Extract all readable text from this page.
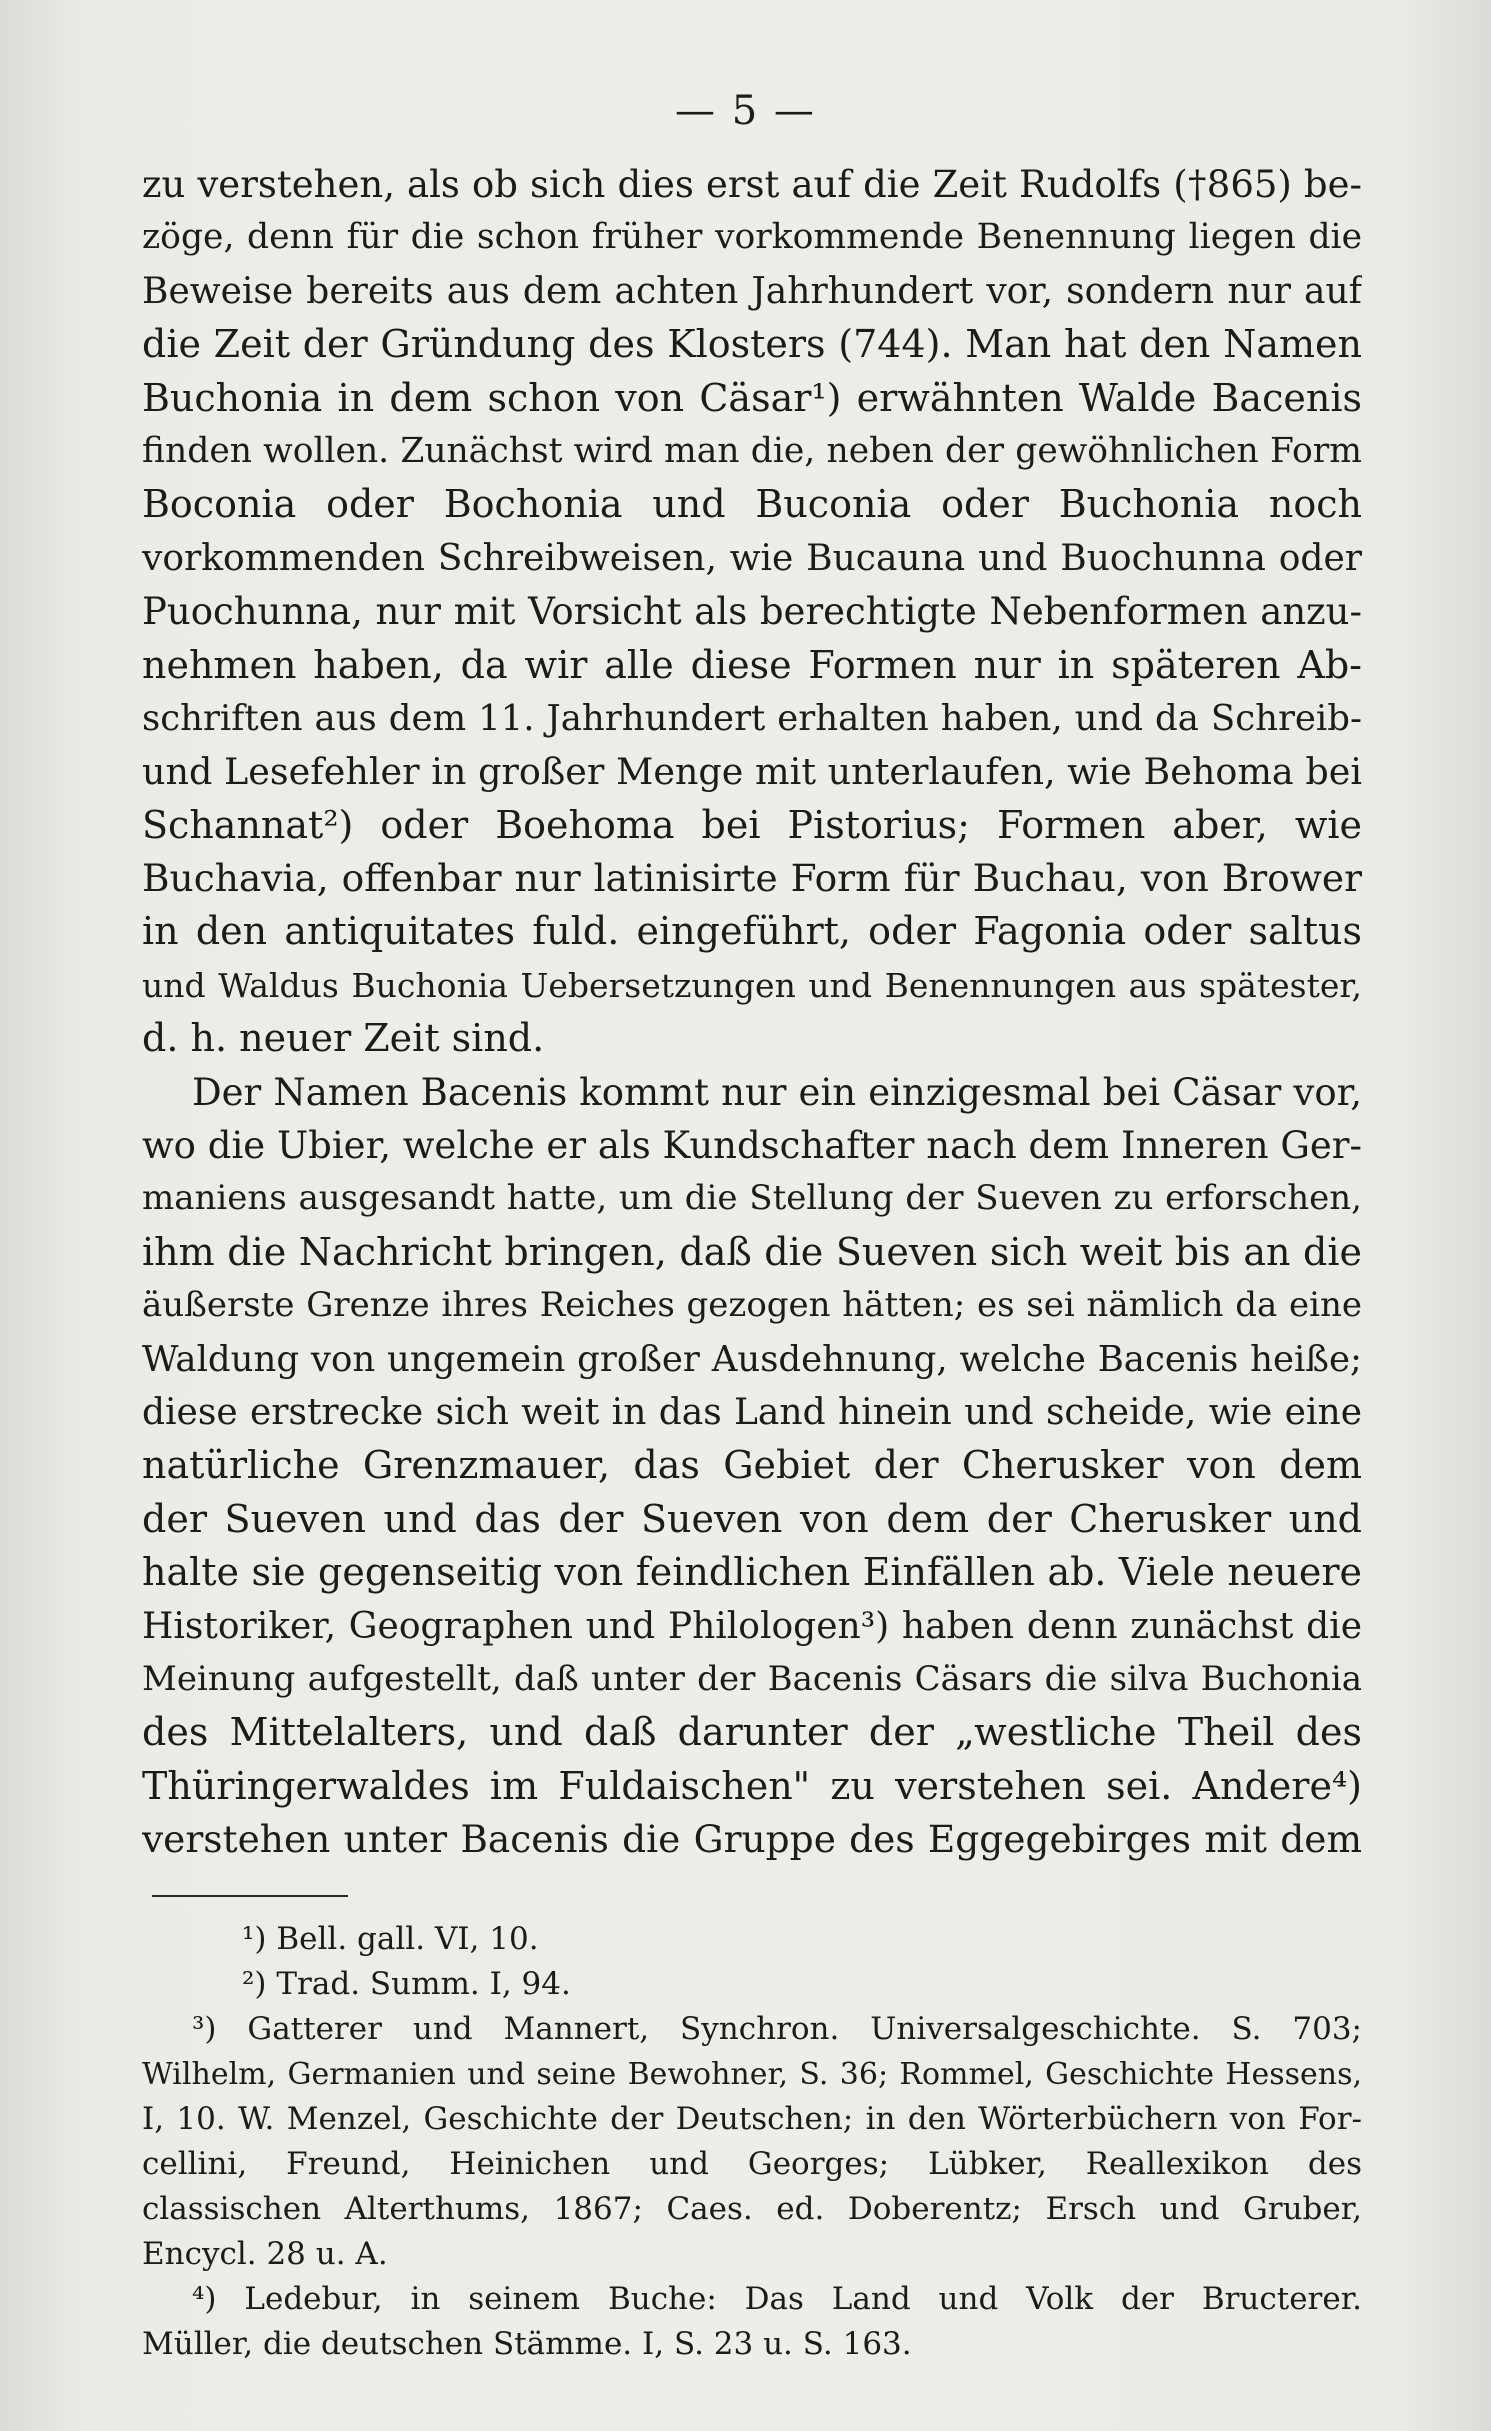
— 5 —
zu verstehen, als ob sich dies erst auf die Zeit Rudolfs (†865) be-
zöge, denn für die schon früher vorkommende Benennung liegen die
Beweise bereits aus dem achten Jahrhundert vor, sondern nur auf
die Zeit der Gründung des Klosters (744). Man hat den Namen
Buchonia in dem schon von Cäsar¹) erwähnten Walde Bacenis
finden wollen. Zunächst wird man die, neben der gewöhnlichen Form
Boconia oder Bochonia und Buconia oder Buchonia noch
vorkommenden Schreibweisen, wie Bucauna und Buochunna oder
Puochunna, nur mit Vorsicht als berechtigte Nebenformen anzu-
nehmen haben, da wir alle diese Formen nur in späteren Ab-
schriften aus dem 11. Jahrhundert erhalten haben, und da Schreib-
und Lesefehler in großer Menge mit unterlaufen, wie Behoma bei
Schannat²) oder Boehoma bei Pistorius; Formen aber, wie
Buchavia, offenbar nur latinisirte Form für Buchau, von Brower
in den antiquitates fuld. eingeführt, oder Fagonia oder saltus
und Waldus Buchonia Uebersetzungen und Benennungen aus spätester,
d. h. neuer Zeit sind.
Der Namen Bacenis kommt nur ein einzigesmal bei Cäsar vor,
wo die Ubier, welche er als Kundschafter nach dem Inneren Ger-
maniens ausgesandt hatte, um die Stellung der Sueven zu erforschen,
ihm die Nachricht bringen, daß die Sueven sich weit bis an die
äußerste Grenze ihres Reiches gezogen hätten; es sei nämlich da eine
Waldung von ungemein großer Ausdehnung, welche Bacenis heiße;
diese erstrecke sich weit in das Land hinein und scheide, wie eine
natürliche Grenzmauer, das Gebiet der Cherusker von dem
der Sueven und das der Sueven von dem der Cherusker und
halte sie gegenseitig von feindlichen Einfällen ab. Viele neuere
Historiker, Geographen und Philologen³) haben denn zunächst die
Meinung aufgestellt, daß unter der Bacenis Cäsars die silva Buchonia
des Mittelalters, und daß darunter der „westliche Theil des
Thüringerwaldes im Fuldaischen" zu verstehen sei. Andere⁴)
verstehen unter Bacenis die Gruppe des Eggegebirges mit dem
¹) Bell. gall. VI, 10.
²) Trad. Summ. I, 94.
³) Gatterer und Mannert, Synchron. Universalgeschichte. S. 703;
Wilhelm, Germanien und seine Bewohner, S. 36; Rommel, Geschichte Hessens,
I, 10. W. Menzel, Geschichte der Deutschen; in den Wörterbüchern von For-
cellini, Freund, Heinichen und Georges; Lübker, Reallexikon des
classischen Alterthums, 1867; Caes. ed. Doberentz; Ersch und Gruber,
Encycl. 28 u. A.
⁴) Ledebur, in seinem Buche: Das Land und Volk der Bructerer.
Müller, die deutschen Stämme. I, S. 23 u. S. 163.
